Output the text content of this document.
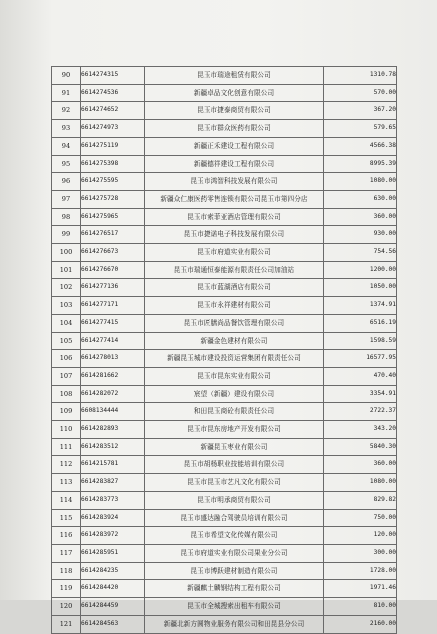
90	6614274315	昆玉市瑞途租赁有限公司	1310.78
91	6614274536	新疆卓品文化创意有限公司	570.00
92	6614274652	昆玉市捷泰商贸有限公司	367.20
93	6614274973	昆玉市群众医药有限公司	579.65
94	6614275119	新疆正禾建设工程有限公司	4566.38
95	6614275398	新疆德祥建设工程有限公司	8995.39
96	6614275595	昆玉市鸿智科技发展有限公司	1080.00
97	6614275728	新疆众仁康医药零售连锁有限公司昆玉市第四分店	630.00
98	6614275965	昆玉市索菲亚酒店管理有限公司	360.00
99	6614276517	昆玉市捷诺电子科技发展有限公司	930.00
100	6614276673	昆玉市府道实业有限公司	754.56
101	6614276670	昆玉市瑞通恒泰能源有限责任公司加油站	1200.00
102	6614277136	昆玉市蓝湖酒店有限公司	1050.00
103	6614277171	昆玉市永祥建材有限公司	1374.91
104	6614277415	昆玉市匠膳尚品餐饮管理有限公司	6516.19
105	6614277414	新疆金色建材有限公司	1598.59
106	6614278013	新疆昆玉城市建设投资运营集团有限责任公司	16577.95
107	6614281662	昆玉市昆东实业有限公司	470.40
108	6614282072	宸望（新疆）建设有限公司	3354.91
109	6608134444	和田昆玉商砼有限责任公司	2722.37
110	6614282893	昆玉市昆东房地产开发有限公司	343.20
111	6614283512	新疆昆玉枣业有限公司	5840.30
112	6614215781	昆玉市胡杨职业技能培训有限公司	360.00
113	6614283827	昆玉市昆玉市艺凡文化有限公司	1080.00
114	6614283773	昆玉市明承商贸有限公司	829.82
115	6614283924	昆玉市盛达融合驾驶员培训有限公司	750.00
116	6614283972	昆玉市希望文化传媒有限公司	120.00
117	6614285951	昆玉市府道实业有限公司果业分公司	300.00
118	6614284235	昆玉市博跃建材制造有限公司	1728.00
119	6614284420	新疆麒土麟钢结构工程有限公司	1971.46
120	6614284459	昆玉市全城搜索出租车有限公司	810.00
121	6614284563	新疆北新方圆物业服务有限公司和田昆县分公司	2160.00
